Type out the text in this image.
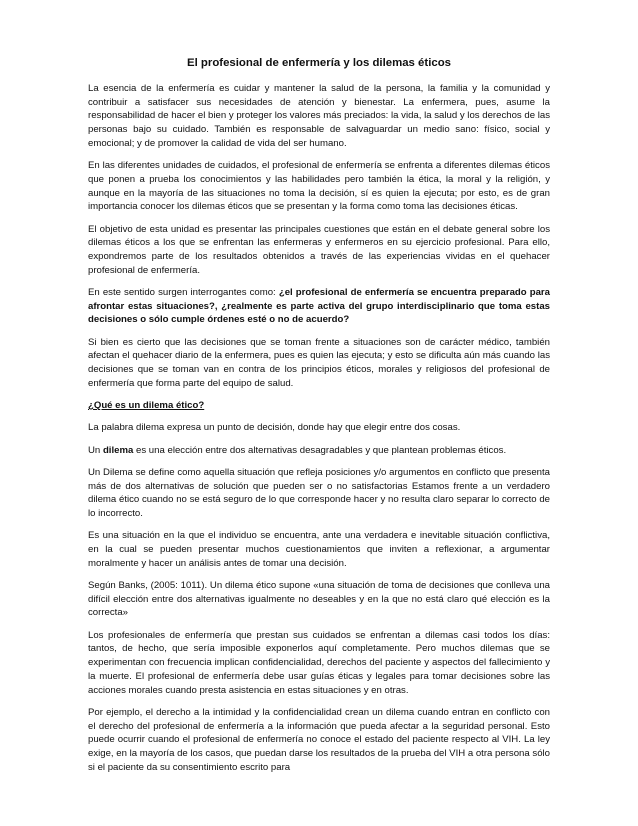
El profesional de enfermería y los dilemas éticos

La esencia de la enfermería es cuidar y mantener la salud de la persona, la familia y la comunidad y contribuir a satisfacer sus necesidades de atención y bienestar. La enfermera, pues, asume la responsabilidad de hacer el bien y proteger los valores más preciados: la vida, la salud y los derechos de las personas bajo su cuidado. También es responsable de salvaguardar un medio sano: físico, social y emocional; y de promover la calidad de vida del ser humano.

En las diferentes unidades de cuidados, el profesional de enfermería se enfrenta a diferentes dilemas éticos que ponen a prueba los conocimientos y las habilidades pero también la ética, la moral y la religión, y aunque en la mayoría de las situaciones no toma la decisión, sí es quien la ejecuta; por esto, es de gran importancia conocer los dilemas éticos que se presentan y la forma como toma las decisiones éticas.

El objetivo de esta unidad es presentar las principales cuestiones que están en el debate general sobre los dilemas éticos a los que se enfrentan las enfermeras y enfermeros en su ejercicio profesional. Para ello, expondremos parte de los resultados obtenidos a través de las experiencias vividas en el quehacer profesional de enfermería.

En este sentido surgen interrogantes como: ¿el profesional de enfermería se encuentra preparado para afrontar estas situaciones?, ¿realmente es parte activa del grupo interdisciplinario que toma estas decisiones o sólo cumple órdenes esté o no de acuerdo?

Si bien es cierto que las decisiones que se toman frente a situaciones son de carácter médico, también afectan el quehacer diario de la enfermera, pues es quien las ejecuta; y esto se dificulta aún más cuando las decisiones que se toman van en contra de los principios éticos, morales y religiosos del profesional de enfermería que forma parte del equipo de salud.

¿Qué es un dilema ético?

La palabra dilema expresa un punto de decisión, donde hay que elegir entre dos cosas.

Un dilema es una elección entre dos alternativas desagradables y que plantean problemas éticos.

Un Dilema se define como aquella situación que refleja posiciones y/o argumentos en conflicto que presenta más de dos alternativas de solución que pueden ser o no satisfactorias Estamos frente a un verdadero dilema ético cuando no se está seguro de lo que corresponde hacer y no resulta claro separar lo correcto de lo incorrecto.

Es una situación en la que el individuo se encuentra, ante una verdadera e inevitable situación conflictiva, en la cual se pueden presentar muchos cuestionamientos que inviten a reflexionar, a argumentar moralmente y hacer un análisis antes de tomar una decisión.

Según Banks, (2005: 1011). Un dilema ético supone «una situación de toma de decisiones que conlleva una difícil elección entre dos alternativas igualmente no deseables y en la que no está claro qué elección es la correcta»

Los profesionales de enfermería que prestan sus cuidados se enfrentan a dilemas casi todos los días: tantos, de hecho, que sería imposible exponerlos aquí completamente. Pero muchos dilemas que se experimentan con frecuencia implican confidencialidad, derechos del paciente y aspectos del fallecimiento y la muerte. El profesional de enfermería debe usar guías éticas y legales para tomar decisiones sobre las acciones morales cuando presta asistencia en estas situaciones y en otras.

Por ejemplo, el derecho a la intimidad y la confidencialidad crean un dilema cuando entran en conflicto con el derecho del profesional de enfermería a la información que pueda afectar a la seguridad personal. Esto puede ocurrir cuando el profesional de enfermería no conoce el estado del paciente respecto al VIH. La ley exige, en la mayoría de los casos, que puedan darse los resultados de la prueba del VIH a otra persona sólo si el paciente da su consentimiento escrito para
